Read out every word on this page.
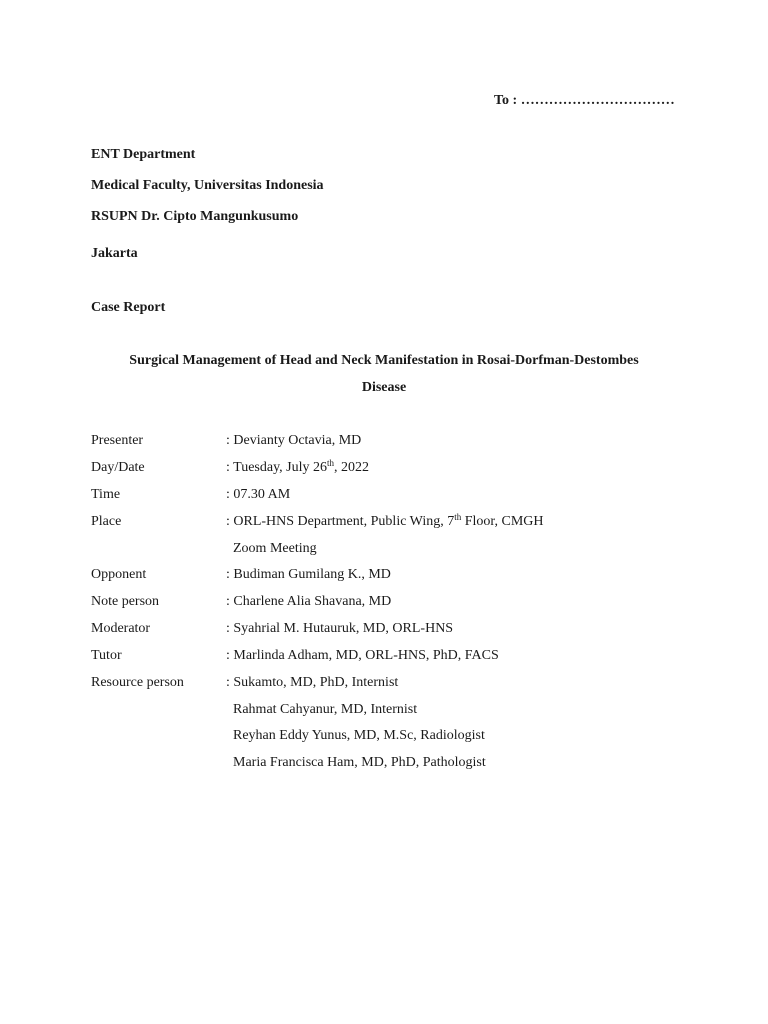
To : ……………………………
ENT Department
Medical Faculty, Universitas Indonesia
RSUPN Dr. Cipto Mangunkusumo
Jakarta
Case Report
Surgical Management of Head and Neck Manifestation in Rosai-Dorfman-Destombes
Disease
Presenter	: Devianty Octavia, MD
Day/Date	: Tuesday, July 26th, 2022
Time	: 07.30 AM
Place	: ORL-HNS Department, Public Wing, 7th Floor, CMGH
Zoom Meeting
Opponent	: Budiman Gumilang K., MD
Note person	: Charlene Alia Shavana, MD
Moderator	: Syahrial M. Hutauruk, MD, ORL-HNS
Tutor	: Marlinda Adham, MD, ORL-HNS, PhD, FACS
Resource person	: Sukamto, MD, PhD, Internist
Rahmat Cahyanur, MD, Internist
Reyhan Eddy Yunus, MD, M.Sc, Radiologist
Maria Francisca Ham, MD, PhD, Pathologist
